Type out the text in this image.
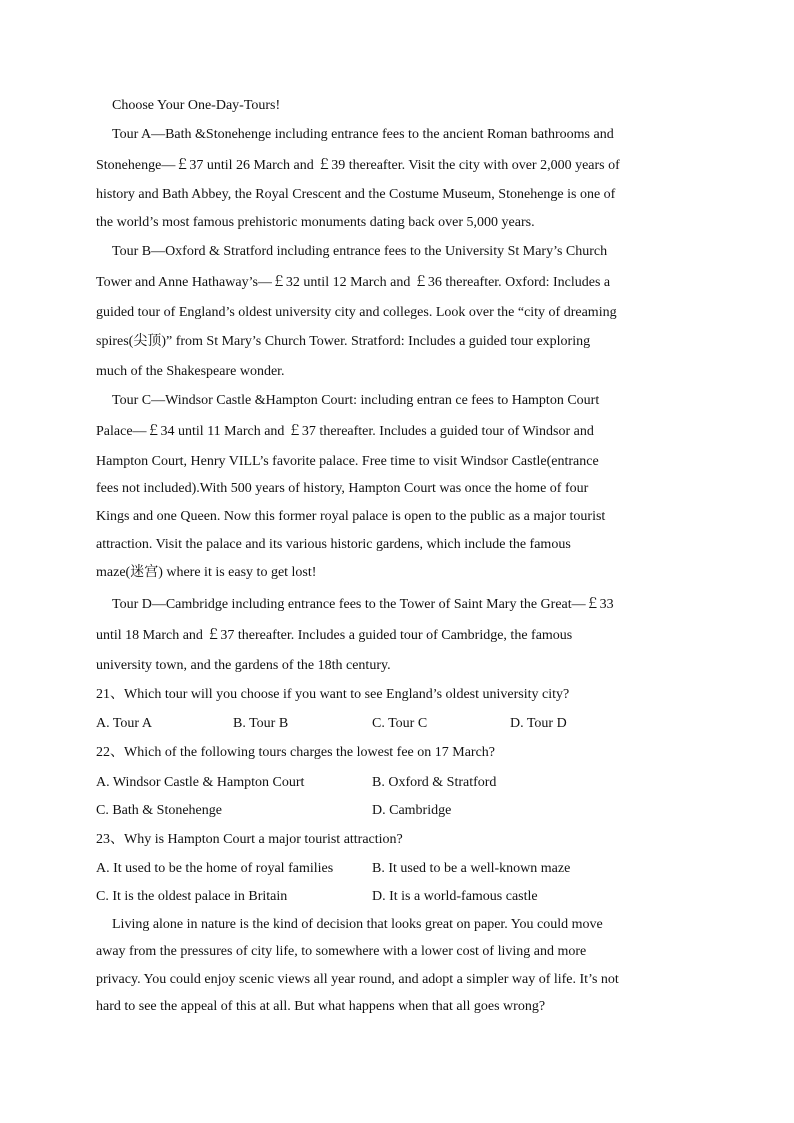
Choose Your One-Day-Tours!
Tour A—Bath &Stonehenge including entrance fees to the ancient Roman bathrooms and
Stonehenge—￡37 until 26 March and ￡39 thereafter. Visit the city with over 2,000 years of
history and Bath Abbey, the Royal Crescent and the Costume Museum, Stonehenge is one of
the world’s most famous prehistoric monuments dating back over 5,000 years.
Tour B—Oxford & Stratford including entrance fees to the University St Mary’s Church
Tower and Anne Hathaway’s—￡32 until 12 March and ￡36 thereafter. Oxford: Includes a
guided tour of England’s oldest university city and colleges. Look over the “city of dreaming
spires(尖顶)” from St Mary’s Church Tower. Stratford: Includes a guided tour exploring
much of the Shakespeare wonder.
Tour C—Windsor Castle &Hampton Court: including entran ce fees to Hampton Court
Palace—￡34 until 11 March and ￡37 thereafter. Includes a guided tour of Windsor and
Hampton Court, Henry VILL’s favorite palace. Free time to visit Windsor Castle(entrance
fees not included).With 500 years of history, Hampton Court was once the home of four
Kings and one Queen. Now this former royal palace is open to the public as a major tourist
attraction. Visit the palace and its various historic gardens, which include the famous
maze(迷宫) where it is easy to get lost!
Tour D—Cambridge including entrance fees to the Tower of Saint Mary the Great—￡33
until 18 March and ￡37 thereafter. Includes a guided tour of Cambridge, the famous
university town, and the gardens of the 18th century.
21、Which tour will you choose if you want to see England’s oldest university city?
A. Tour A	B. Tour B	C. Tour C	D. Tour D
22、Which of the following tours charges the lowest fee on 17 March?
A. Windsor Castle & Hampton Court	B. Oxford & Stratford
C. Bath & Stonehenge	D. Cambridge
23、Why is Hampton Court a major tourist attraction?
A. It used to be the home of royal families	B. It used to be a well-known maze
C. It is the oldest palace in Britain	D. It is a world-famous castle
Living alone in nature is the kind of decision that looks great on paper. You could move
away from the pressures of city life, to somewhere with a lower cost of living and more
privacy. You could enjoy scenic views all year round, and adopt a simpler way of life. It’s not
hard to see the appeal of this at all. But what happens when that all goes wrong?
